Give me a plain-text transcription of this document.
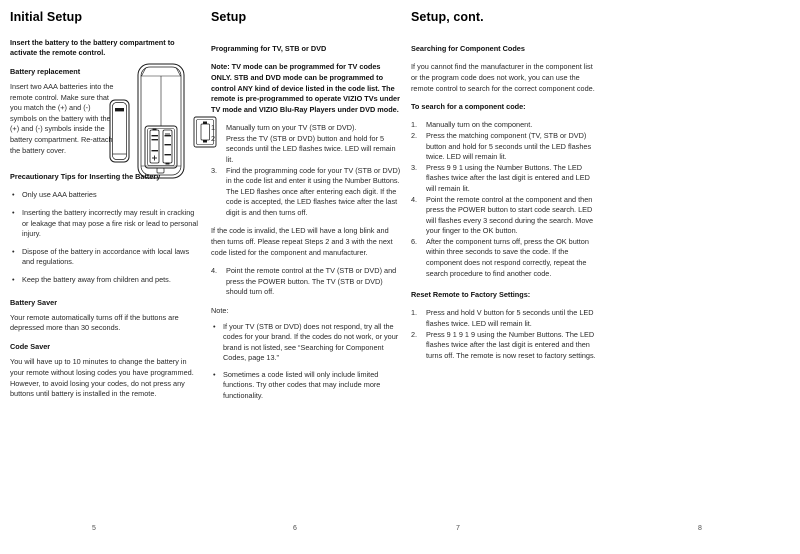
Initial Setup
Insert the battery to the battery compartment to activate the remote control.
Battery replacement
Insert two AAA batteries into the remote control. Make sure that you match the (+) and (-) symbols on the battery with the (+) and (-) symbols inside the battery compartment. Re-attach the battery cover.
Precautionary Tips for Inserting the Battery
• Only use AAA batteries
• Inserting the battery incorrectly may result in cracking or leakage that may pose a fire risk or lead to personal injury.
• Dispose of the battery in accordance with local laws and regulations.
• Keep the battery away from children and pets.
Battery Saver
Your remote automatically turns off if the buttons are depressed more than 30 seconds.
Code Saver
You will have up to 10 minutes to change the battery in your remote without losing codes you have programmed. However, to avoid losing your codes, do not press any buttons until battery is installed in the remote.
Setup
Programming for TV, STB or DVD
Note: TV mode can be programmed for TV codes ONLY. STB and DVD mode can be programmed to control ANY kind of device listed in the code list. The remote is pre-programmed to operate VIZIO TVs under TV mode and VIZIO Blu-Ray Players under DVD mode.
1.	Manually turn on your TV (STB or DVD).
2.	Press the TV (STB or DVD) button and hold for 5 seconds until the LED flashes twice. LED will remain lit.
3.	Find the programming code for your TV (STB or DVD) in the code list and enter it using the Number Buttons. The LED flashes once after entering each digit. If the code is accepted, the LED flashes twice after the last digit is and then turns off.
If the code is invalid, the LED will have a long blink and then turns off. Please repeat Steps 2 and 3 with the next code listed for the component and manufacturer.
4.	Point the remote control at the TV (STB or DVD) and press the POWER button. The TV (STB or DVD) should turn off.
Note:
• If your TV (STB or DVD) does not respond, try all the codes for your brand. If the codes do not work, or your brand is not listed, see “Searching for Component Codes, page 13.”
• Sometimes a code listed will only include limited functions. Try other codes that may include more functionality.
Setup, cont.
Searching for Component Codes
If you cannot find the manufacturer in the component list or the program code does not work, you can use the remote control to search for the correct component code.
To search for a component code:
1.	Manually turn on the component.
2.	Press the matching component (TV, STB or DVD) button and hold for 5 seconds until the LED flashes twice. LED will remain lit.
3.	Press 9 9 1 using the Number Buttons. The LED flashes twice after the last digit is entered and LED will remain lit.
4.	Point the remote control at the component and then press the POWER button to start code search. LED will flashes every 3 second during the search. Move your finger to the OK button.
6.	After the component turns off, press the OK button within three seconds to save the code. If the component does not respond correctly, repeat the search procedure to find another code.
Reset Remote to Factory Settings:
1.	Press and hold V button for 5 seconds until the LED flashes twice. LED will remain lit.
2.	Press 9 1 9 1 9 using the Number Buttons. The LED flashes twice after the last digit is entered and then turns off. The remote is now reset to factory settings.
5	6	7	8
